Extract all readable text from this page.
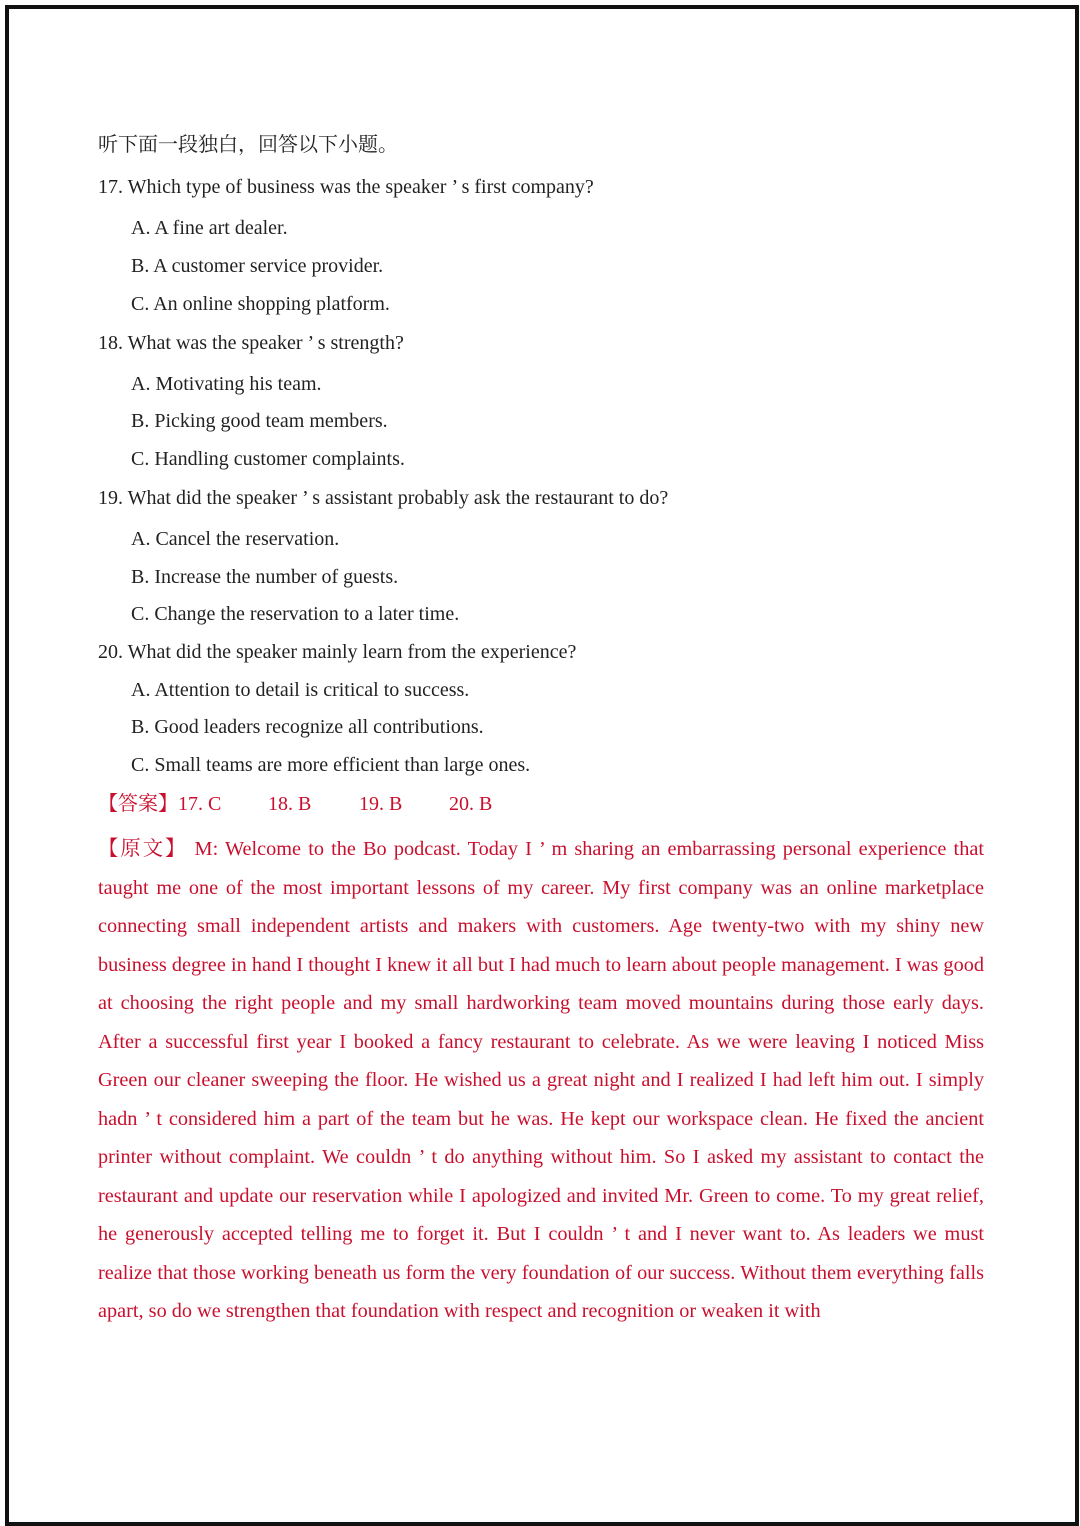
听下面一段独白，回答以下小题。
17. Which type of business was the speaker ’ s first company?
A. A fine art dealer.
B. A customer service provider.
C. An online shopping platform.
18. What was the speaker ’ s strength?
A. Motivating his team.
B. Picking good team members.
C. Handling customer complaints.
19. What did the speaker ’ s assistant probably ask the restaurant to do?
A. Cancel the reservation.
B. Increase the number of guests.
C. Change the reservation to a later time.
20. What did the speaker mainly learn from the experience?
A. Attention to detail is critical to success.
B. Good leaders recognize all contributions.
C. Small teams are more efficient than large ones.
【答案】17. C 18. B 19. B 20. B
【原文】 M: Welcome to the Bo podcast. Today I ’ m sharing an embarrassing personal experience that taught me one of the most important lessons of my career. My first company was an online marketplace connecting small independent artists and makers with customers. Age twenty-two with my shiny new business degree in hand I thought I knew it all but I had much to learn about people management. I was good at choosing the right people and my small hardworking team moved mountains during those early days. After a successful first year I booked a fancy restaurant to celebrate. As we were leaving I noticed Miss Green our cleaner sweeping the floor. He wished us a great night and I realized I had left him out. I simply hadn ’ t considered him a part of the team but he was. He kept our workspace clean. He fixed the ancient printer without complaint. We couldn ’ t do anything without him. So I asked my assistant to contact the restaurant and update our reservation while I apologized and invited Mr. Green to come. To my great relief, he generously accepted telling me to forget it. But I couldn ’ t and I never want to. As leaders we must realize that those working beneath us form the very foundation of our success. Without them everything falls apart, so do we strengthen that foundation with respect and recognition or weaken it with
